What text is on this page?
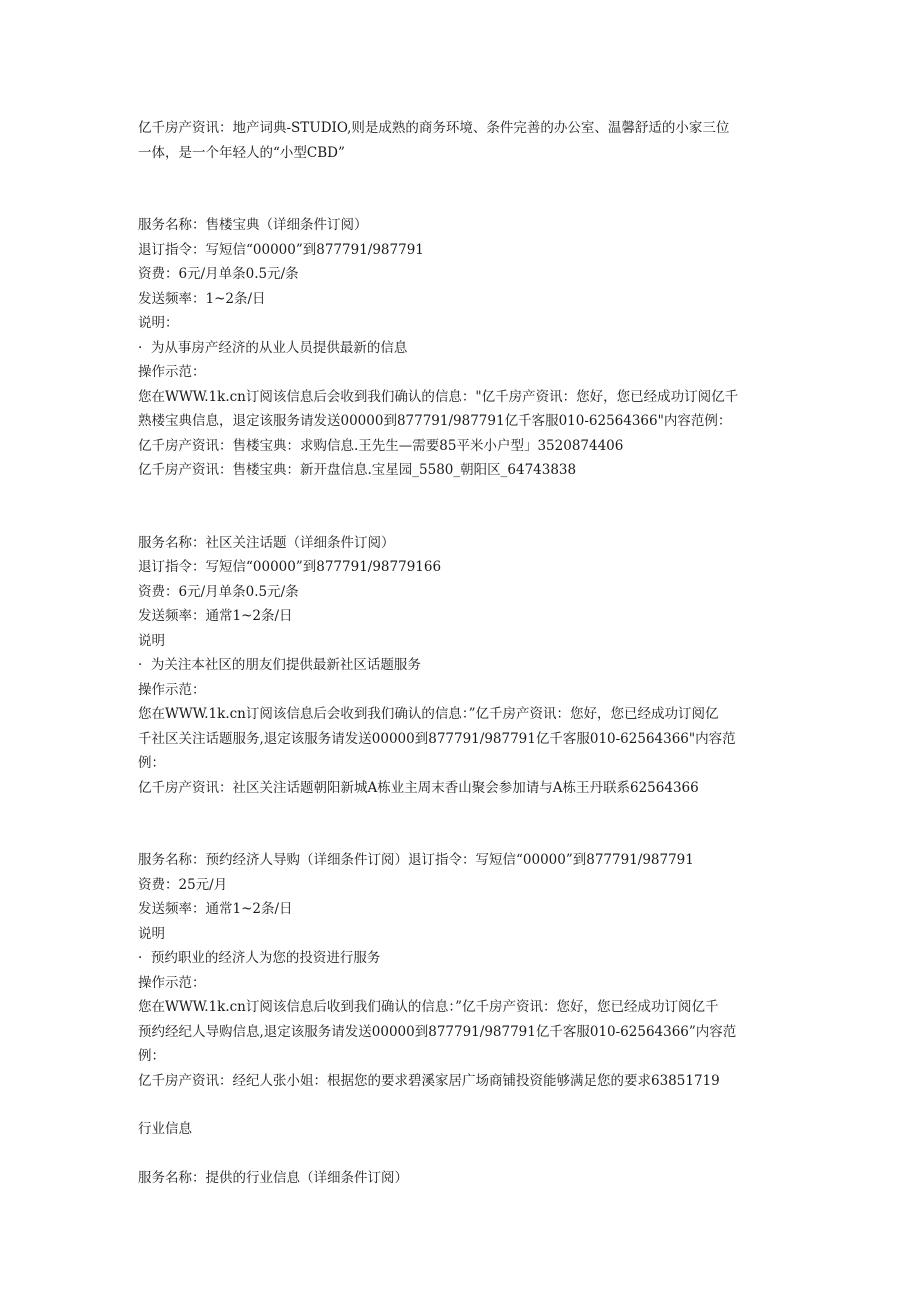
亿千房产资讯：地产词典-STUDIO,则是成熟的商务环境、条件完善的办公室、温馨舒适的小家三位
一体，是一个年轻人的“小型CBD”
服务名称：售楼宝典（详细条件订阅）
退订指令：写短信“00000”到877791/987791
资费：6元/月单条0.5元/条
发送频率：1~2条/日
说明：
·  为从事房产经济的从业人员提供最新的信息
操作示范：
您在WWW.1k.cn订阅该信息后会收到我们确认的信息："亿千房产资讯：您好，您已经成功订阅亿千
熟楼宝典信息，退定该服务请发送00000到877791/987791亿千客服010-62564366"内容范例：
亿千房产资讯：售楼宝典：求购信息.王先生—需要85平米小户型」3520874406
亿千房产资讯：售楼宝典：新开盘信息.宝星园_5580_朝阳区_64743838
服务名称：社区关注话题（详细条件订阅）
退订指令：写短信“00000”到877791/98779166
资费：6元/月单条0.5元/条
发送频率：通常1~2条/日
说明
·  为关注本社区的朋友们提供最新社区话题服务
操作示范：
您在WWW.1k.cn订阅该信息后会收到我们确认的信息：”亿千房产资讯：您好，您已经成功订阅亿
千社区关注话题服务,退定该服务请发送00000到877791/987791亿千客服010-62564366"内容范
例：
亿千房产资讯：社区关注话题朝阳新城A栋业主周末香山聚会参加请与A栋王丹联系62564366
服务名称：预约经济人导购（详细条件订阅）退订指令：写短信“00000”到877791/987791
资费：25元/月
发送频率：通常1~2条/日
说明
·  预约职业的经济人为您的投资进行服务
操作示范：
您在WWW.1k.cn订阅该信息后收到我们确认的信息：”亿千房产资讯：您好，您已经成功订阅亿千
预约经纪人导购信息,退定该服务请发送00000到877791/987791亿千客服010-62564366”内容范
例：
亿千房产资讯：经纪人张小姐：根据您的要求碧溪家居广场商铺投资能够满足您的要求63851719
行业信息
服务名称：提供的行业信息（详细条件订阅）
